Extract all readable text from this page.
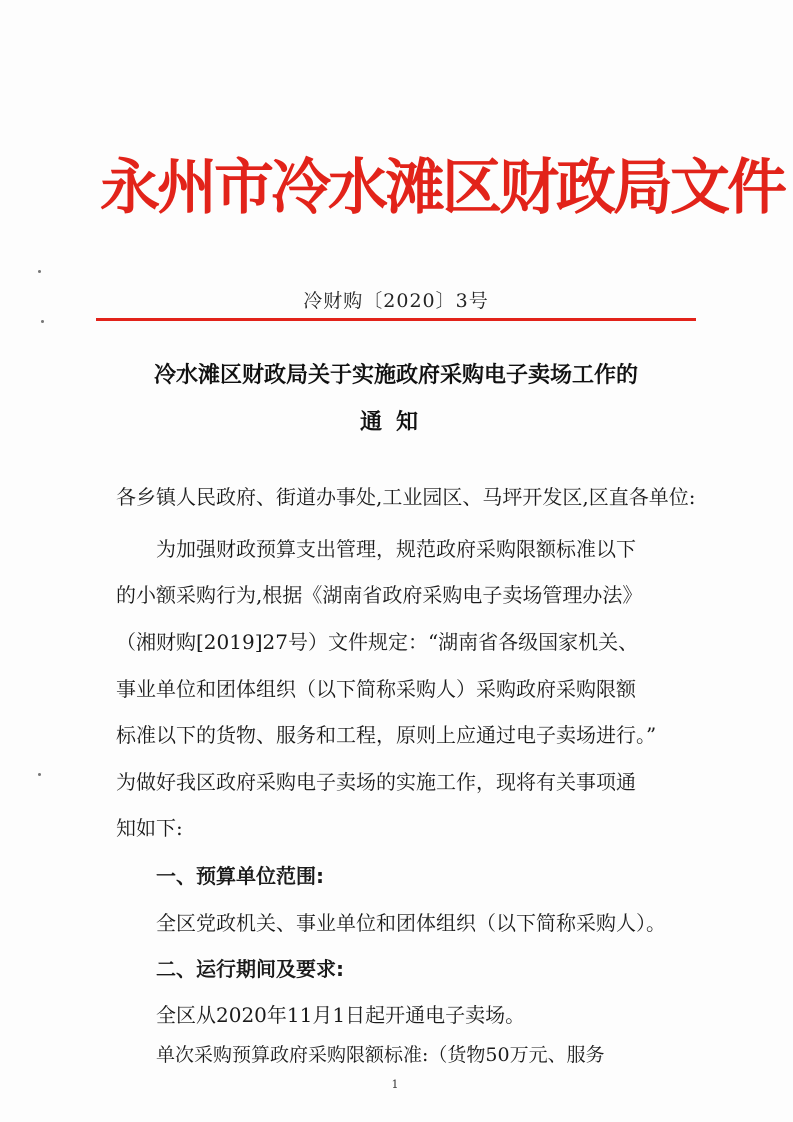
永州市冷水滩区财政局文件
冷财购〔2020〕3号
冷水滩区财政局关于实施政府采购电子卖场工作的
通知
各乡镇人民政府、街道办事处,工业园区、马坪开发区,区直各单位:
为加强财政预算支出管理，规范政府采购限额标准以下
的小额采购行为,根据《湖南省政府采购电子卖场管理办法》
（湘财购[2019]27号）文件规定：“湖南省各级国家机关、
事业单位和团体组织（以下简称采购人）采购政府采购限额
标准以下的货物、服务和工程，原则上应通过电子卖场进行。”
为做好我区政府采购电子卖场的实施工作，现将有关事项通
知如下:
一、预算单位范围:
全区党政机关、事业单位和团体组织（以下简称采购人）。
二、运行期间及要求:
全区从2020年11月1日起开通电子卖场。
单次采购预算政府采购限额标准:（货物50万元、服务
1
